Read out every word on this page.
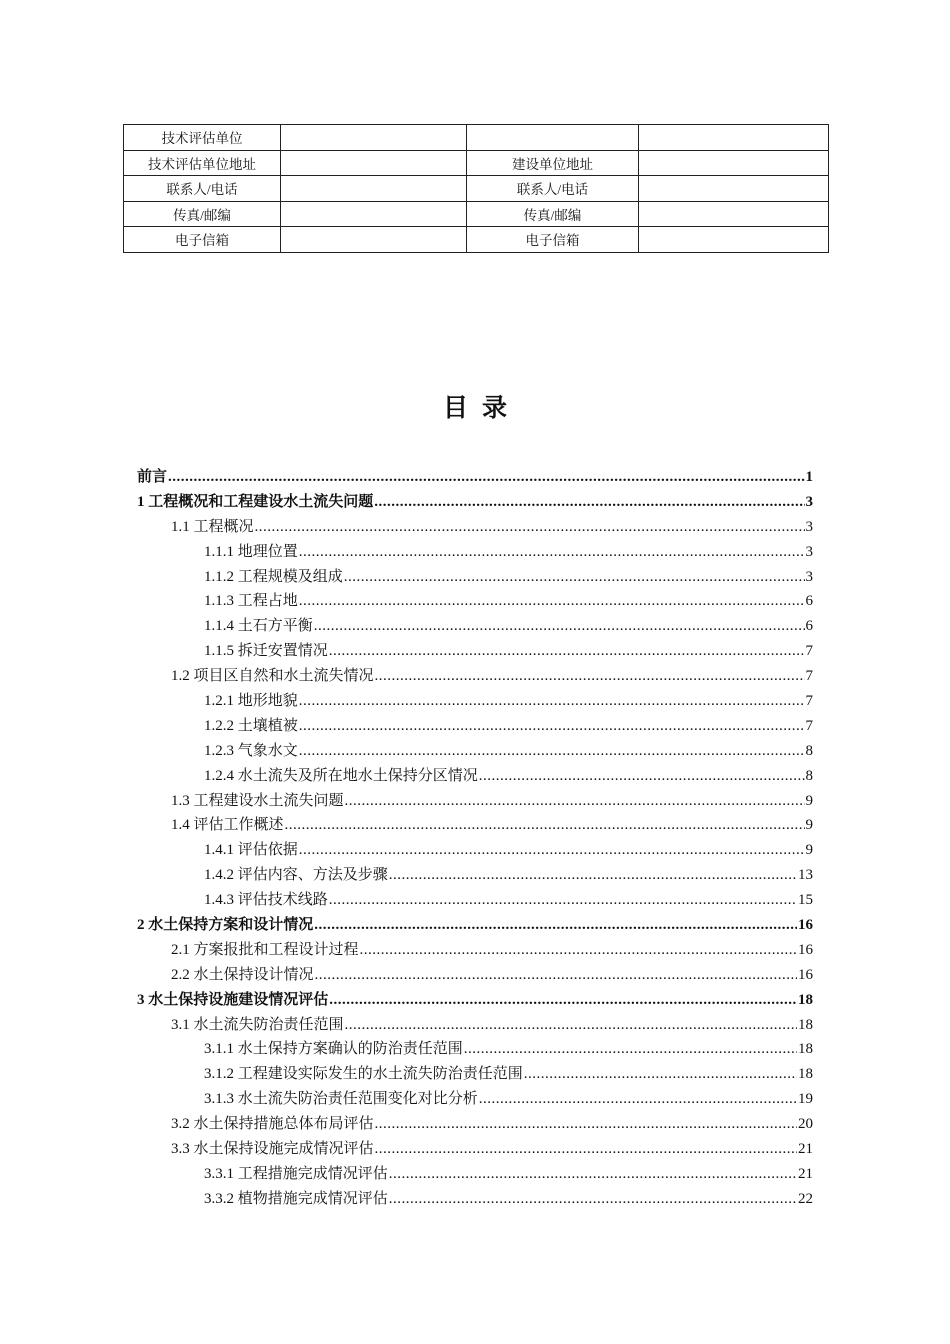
技术评估单位			
技术评估单位地址		建设单位地址	
联系人/电话		联系人/电话	
传真/邮编		传真/邮编	
电子信箱		电子信箱	
目录
前言 .....	1
1 工程概况和工程建设水土流失问题 .....	3
1.1 工程概况 .....	3
1.1.1 地理位置 .....	3
1.1.2 工程规模及组成 .....	3
1.1.3 工程占地 .....	6
1.1.4 土石方平衡 .....	6
1.1.5 拆迁安置情况 .....	7
1.2 项目区自然和水土流失情况 .....	7
1.2.1 地形地貌 .....	7
1.2.2 土壤植被 .....	7
1.2.3 气象水文 .....	8
1.2.4 水土流失及所在地水土保持分区情况 .....	8
1.3 工程建设水土流失问题 .....	9
1.4 评估工作概述 .....	9
1.4.1 评估依据 .....	9
1.4.2 评估内容、方法及步骤 .....	13
1.4.3 评估技术线路 .....	15
2 水土保持方案和设计情况 .....	16
2.1 方案报批和工程设计过程 .....	16
2.2 水土保持设计情况 .....	16
3 水土保持设施建设情况评估 .....	18
3.1 水土流失防治责任范围 .....	18
3.1.1 水土保持方案确认的防治责任范围 .....	18
3.1.2 工程建设实际发生的水土流失防治责任范围 .....	18
3.1.3 水土流失防治责任范围变化对比分析 .....	19
3.2 水土保持措施总体布局评估 .....	20
3.3 水土保持设施完成情况评估 .....	21
3.3.1 工程措施完成情况评估 .....	21
3.3.2 植物措施完成情况评估 .....	22
